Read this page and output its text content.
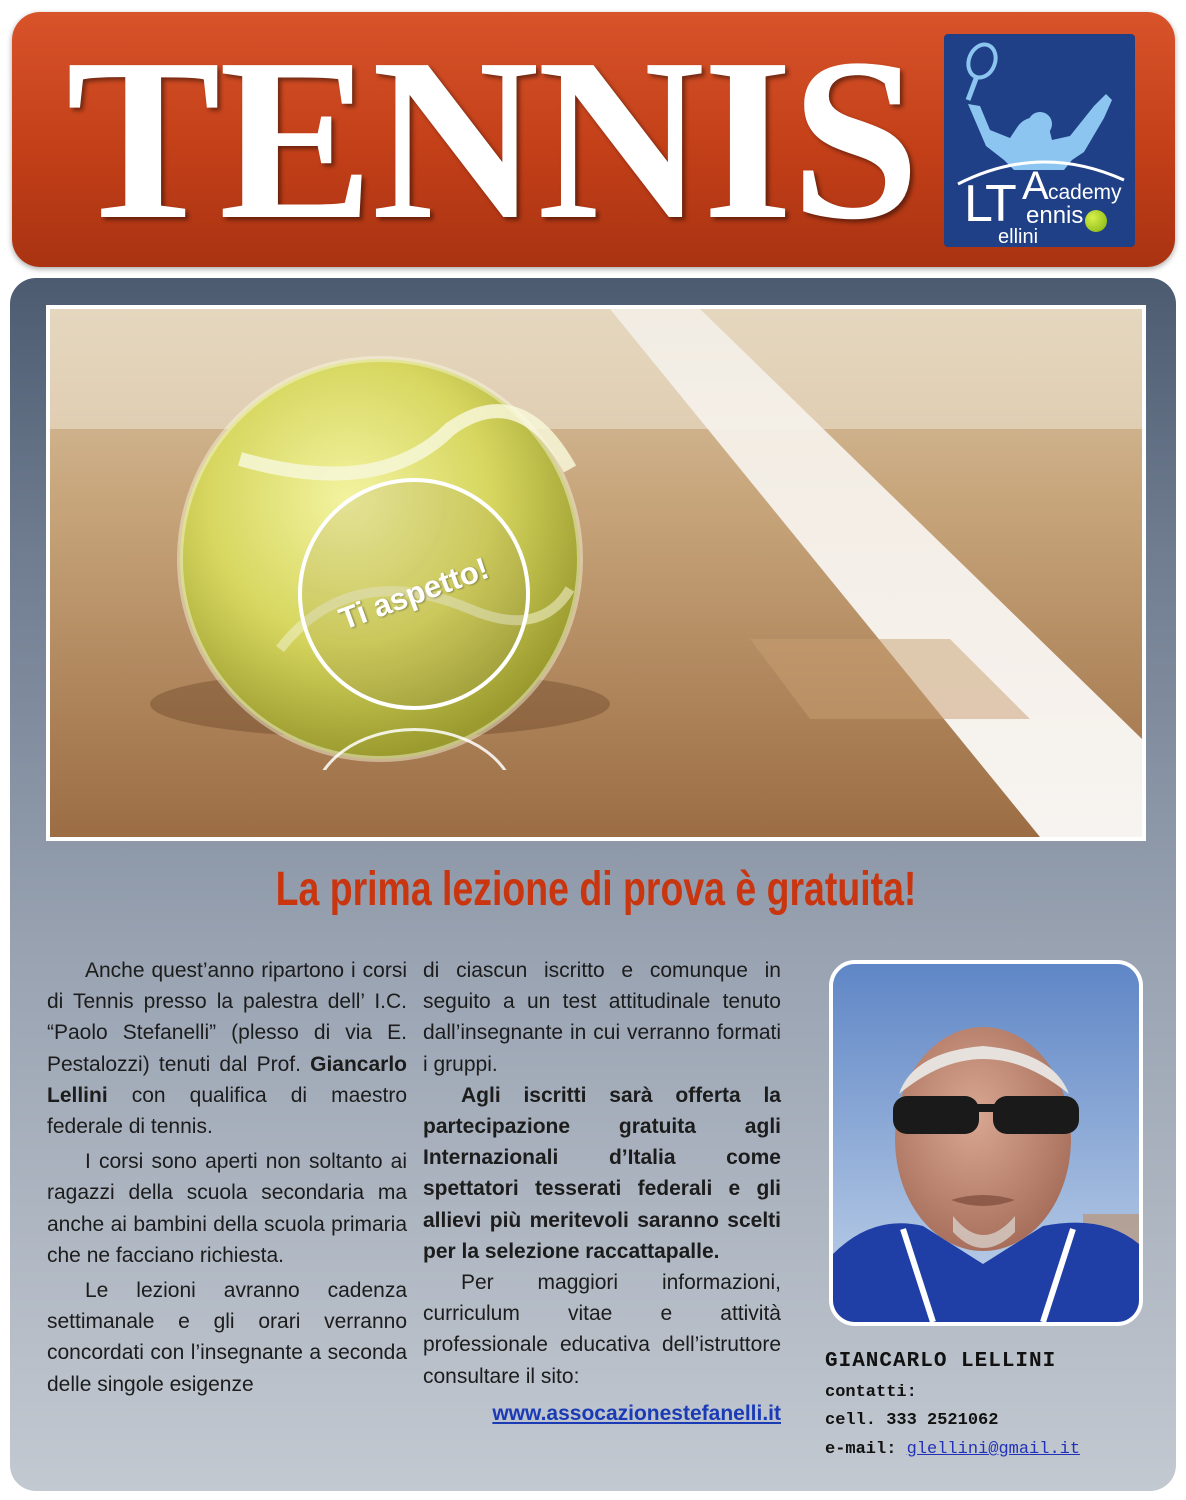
TENNIS LT A cademy
ennis
ellini
Ti aspetto!
La prima lezione di prova è gratuita!

Anche quest’anno ripartono i corsi di Tennis presso la palestra dell’ I.C. “Paolo Stefanelli” (plesso di via E. Pestalozzi) tenuti dal Prof. Giancarlo Lellini con qualifica di maestro federale di tennis.

I corsi sono aperti non soltanto ai ragazzi della scuola secondaria ma anche ai bambini della scuola primaria che ne facciano richiesta.

Le lezioni avranno cadenza settimanale e gli orari verranno concordati con l’insegnante a seconda delle singole esigenze

di ciascun iscritto e comunque in seguito a un test attitudinale tenuto dall’insegnante in cui verranno formati i gruppi.

Agli iscritti sarà offerta la partecipazione gratuita agli Internazionali d’Italia come spettatori tesserati federali e gli allievi più meritevoli saranno scelti per la selezione raccattapalle.

Per maggiori informazioni, curriculum vitae e attività professionale educativa dell’istruttore consultare il sito:

www.assocazionestefanelli.it
GIANCARLO LELLINI
contatti:
cell. 333 2521062
e-mail: glellini@gmail.it
